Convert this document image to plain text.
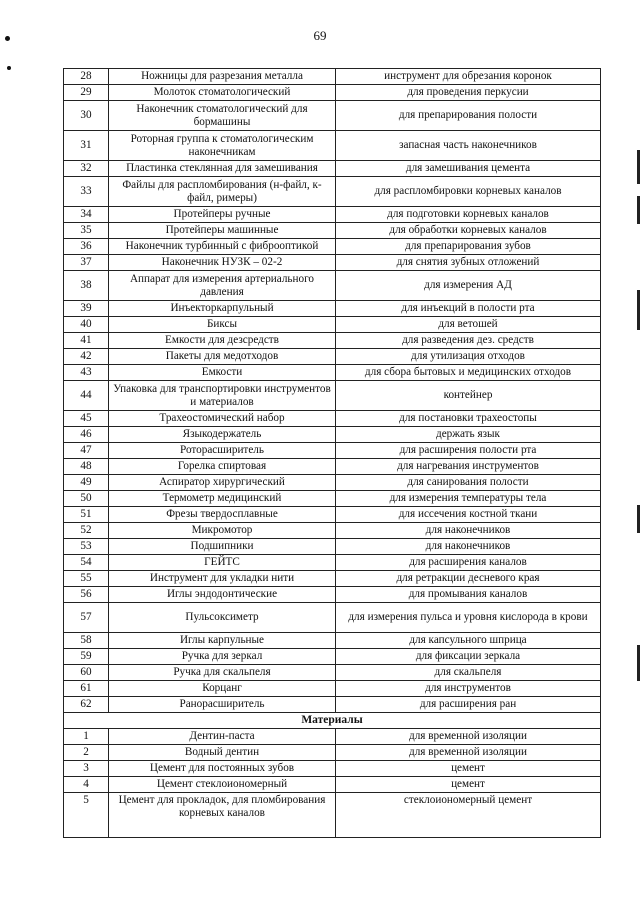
69
28	Ножницы для разрезания металла	инструмент для обрезания коронок
29	Молоток стоматологический	для проведения перкусии
30	Наконечник стоматологический для бормашины	для препарирования полости
31	Роторная группа к стоматологическим наконечникам	запасная часть наконечников
32	Пластинка стеклянная для замешивания	для замешивания цемента
33	Файлы для распломбирования (н-файл, к-файл, римеры)	для распломбировки корневых каналов
34	Протейперы ручные	для подготовки корневых каналов
35	Протейперы машинные	для обработки корневых каналов
36	Наконечник турбинный с фиброоптикой	для препарирования зубов
37	Наконечник НУЗК – 02-2	для снятия зубных отложений
38	Аппарат для измерения артериального давления	для измерения АД
39	Инъекторкарпульный	для инъекций в полости рта
40	Биксы	для ветошей
41	Емкости для дезсредств	для разведения дез. средств
42	Пакеты для медотходов	для утилизация отходов
43	Емкости	для сбора бытовых и медицинских отходов
44	Упаковка для транспортировки инструментов и материалов	контейнер
45	Трахеостомический набор	для постановки трахеостопы
46	Языкодержатель	держать язык
47	Роторасширитель	для расширения полости рта
48	Горелка спиртовая	для нагревания инструментов
49	Аспиратор хирургический	для санирования полости
50	Термометр медицинский	для измерения температуры тела
51	Фрезы твердосплавные	для иссечения костной ткани
52	Микромотор	для наконечников
53	Подшипники	для наконечников
54	ГЕЙТС	для расширения каналов
55	Инструмент для укладки нити	для ретракции десневого края
56	Иглы эндодонтические	для промывания каналов
57	Пульсоксиметр	для измерения пульса и уровня кислорода в крови
58	Иглы карпульные	для капсульного шприца
59	Ручка для зеркал	для фиксации зеркала
60	Ручка для скальпеля	для скальпеля
61	Корцанг	для инструментов
62	Ранорасширитель	для расширения ран
Материалы		
1	Дентин-паста	для временной изоляции
2	Водный дентин	для временной изоляции
3	Цемент для постоянных зубов	цемент
4	Цемент стеклоиономерный	цемент
5	Цемент для прокладок, для пломбирования корневых каналов	стеклоиономерный цемент
